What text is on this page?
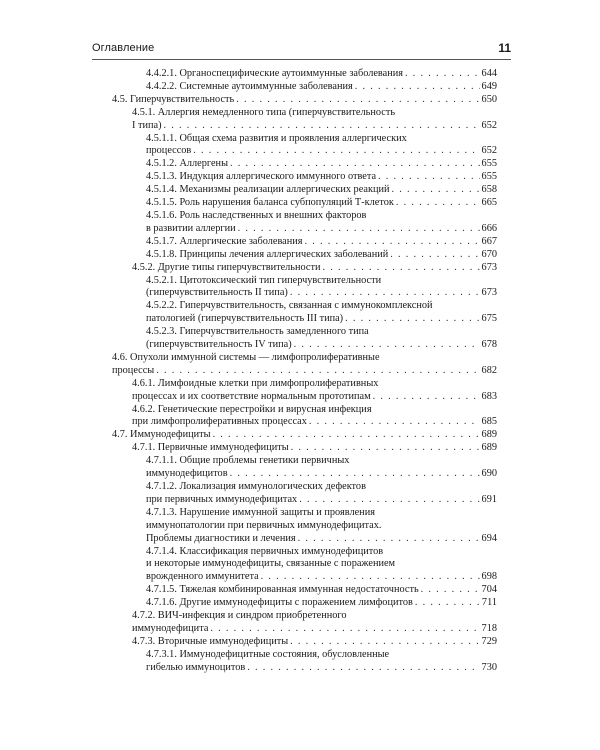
Оглавление	11
4.4.2.1. Органоспецифические аутоиммунные заболевания . . .	644
4.4.2.2. Системные аутоиммунные заболевания . . .	649
4.5. Гиперчувствительность . . .	650
4.5.1. Аллергия немедленного типа (гиперчувствительность
I типа) . . .	652
4.5.1.1. Общая схема развития и проявления аллергических
процессов . . .	652
4.5.1.2. Аллергены . . .	655
4.5.1.3. Индукция аллергического иммунного ответа . . .	655
4.5.1.4. Механизмы реализации аллергических реакций . . .	658
4.5.1.5. Роль нарушения баланса субпопуляций Т-клеток . . .	665
4.5.1.6. Роль наследственных и внешних факторов
в развитии аллергии . . .	666
4.5.1.7. Аллергические заболевания . . .	667
4.5.1.8. Принципы лечения аллергических заболеваний . . .	670
4.5.2. Другие типы гиперчувствительности . . .	673
4.5.2.1. Цитотоксический тип гиперчувствительности
(гиперчувствительность II типа) . . .	673
4.5.2.2. Гиперчувствительность, связанная с иммунокомплексной
патологией (гиперчувствительность III типа) . . .	675
4.5.2.3. Гиперчувствительность замедленного типа
(гиперчувствительность IV типа) . . .	678
4.6. Опухоли иммунной системы — лимфопролиферативные
процессы . . .	682
4.6.1. Лимфоидные клетки при лимфопролиферативных
процессах и их соответствие нормальным прототипам . . .	683
4.6.2. Генетические перестройки и вирусная инфекция
при лимфопролиферативных процессах . . .	685
4.7. Иммунодефициты . . .	689
4.7.1. Первичные иммунодефициты . . .	689
4.7.1.1. Общие проблемы генетики первичных
иммунодефицитов . . .	690
4.7.1.2. Локализация иммунологических дефектов
при первичных иммунодефицитах . . .	691
4.7.1.3. Нарушение иммунной защиты и проявления
иммунопатологии при первичных иммунодефицитах.
Проблемы диагностики и лечения . . .	694
4.7.1.4. Классификация первичных иммунодефицитов
и некоторые иммунодефициты, связанные с поражением
врожденного иммунитета . . .	698
4.7.1.5. Тяжелая комбинированная иммунная недостаточность . . .	704
4.7.1.6. Другие иммунодефициты с поражением лимфоцитов . . .	711
4.7.2. ВИЧ-инфекция и синдром приобретенного
иммунодефицита . . .	718
4.7.3. Вторичные иммунодефициты . . .	729
4.7.3.1. Иммунодефицитные состояния, обусловленные
гибелью иммуноцитов . . .	730
